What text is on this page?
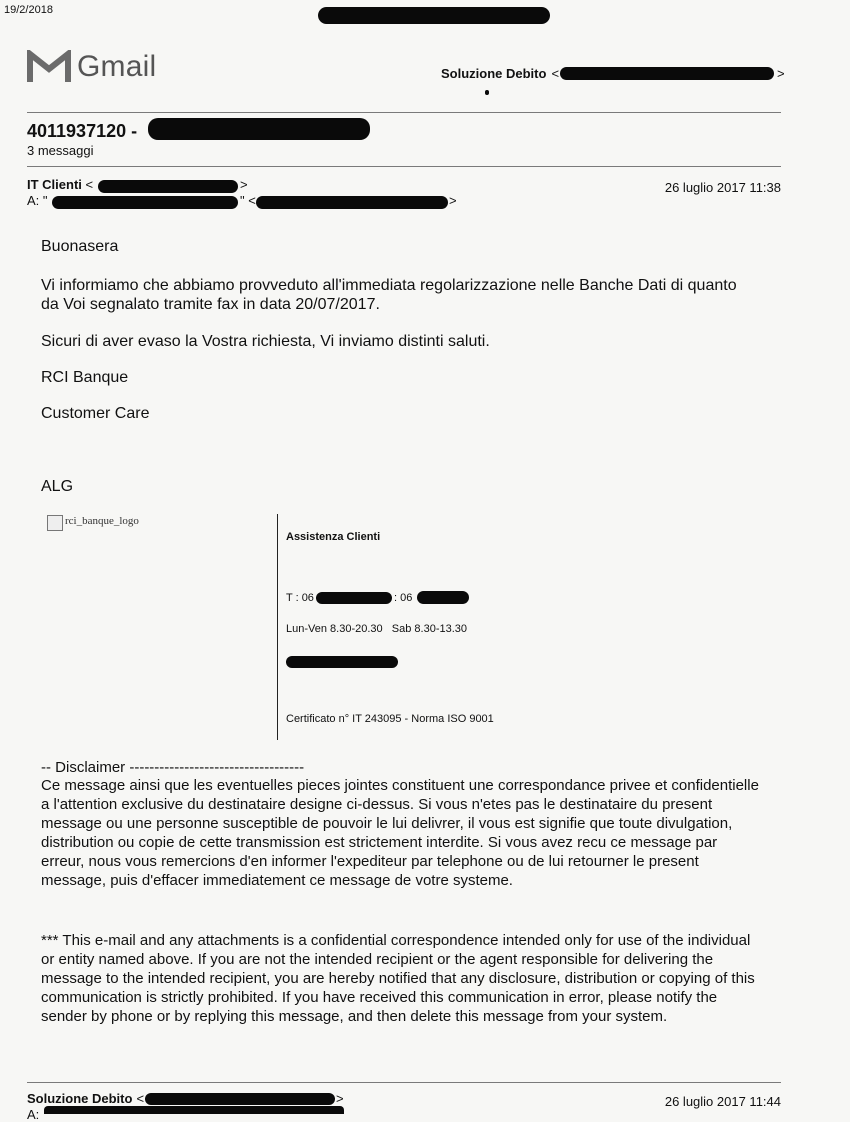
19/2/2018
Gmail	Soluzione Debito <	>
4011937120 -
3 messaggi
IT Clienti <	>
A: "	" <	>
26 luglio 2017 11:38
Buonasera
Vi informiamo che abbiamo provveduto all'immediata regolarizzazione nelle Banche Dati di quanto da Voi segnalato tramite fax in data 20/07/2017.
Sicuri di aver evaso la Vostra richiesta, Vi inviamo distinti saluti.
RCI Banque
Customer Care
ALG
rci_banque_logo
Assistenza Clienti
T : 06	: 06
Lun-Ven 8.30-20.30   Sab 8.30-13.30
Certificato n° IT 243095 - Norma ISO 9001
-- Disclaimer -----------------------------------
Ce message ainsi que les eventuelles pieces jointes constituent une correspondance privee et confidentielle a l'attention exclusive du destinataire designe ci-dessus. Si vous n'etes pas le destinataire du present message ou une personne susceptible de pouvoir le lui delivrer, il vous est signifie que toute divulgation, distribution ou copie de cette transmission est strictement interdite. Si vous avez recu ce message par erreur, nous vous remercions d'en informer l'expediteur par telephone ou de lui retourner le present message, puis d'effacer immediatement ce message de votre systeme.
*** This e-mail and any attachments is a confidential correspondence intended only for use of the individual or entity named above. If you are not the intended recipient or the agent responsible for delivering the message to the intended recipient, you are hereby notified that any disclosure, distribution or copying of this communication is strictly prohibited. If you have received this communication in error, please notify the sender by phone or by replying this message, and then delete this message from your system.
Soluzione Debito <	>	26 luglio 2017 11:44
A:
